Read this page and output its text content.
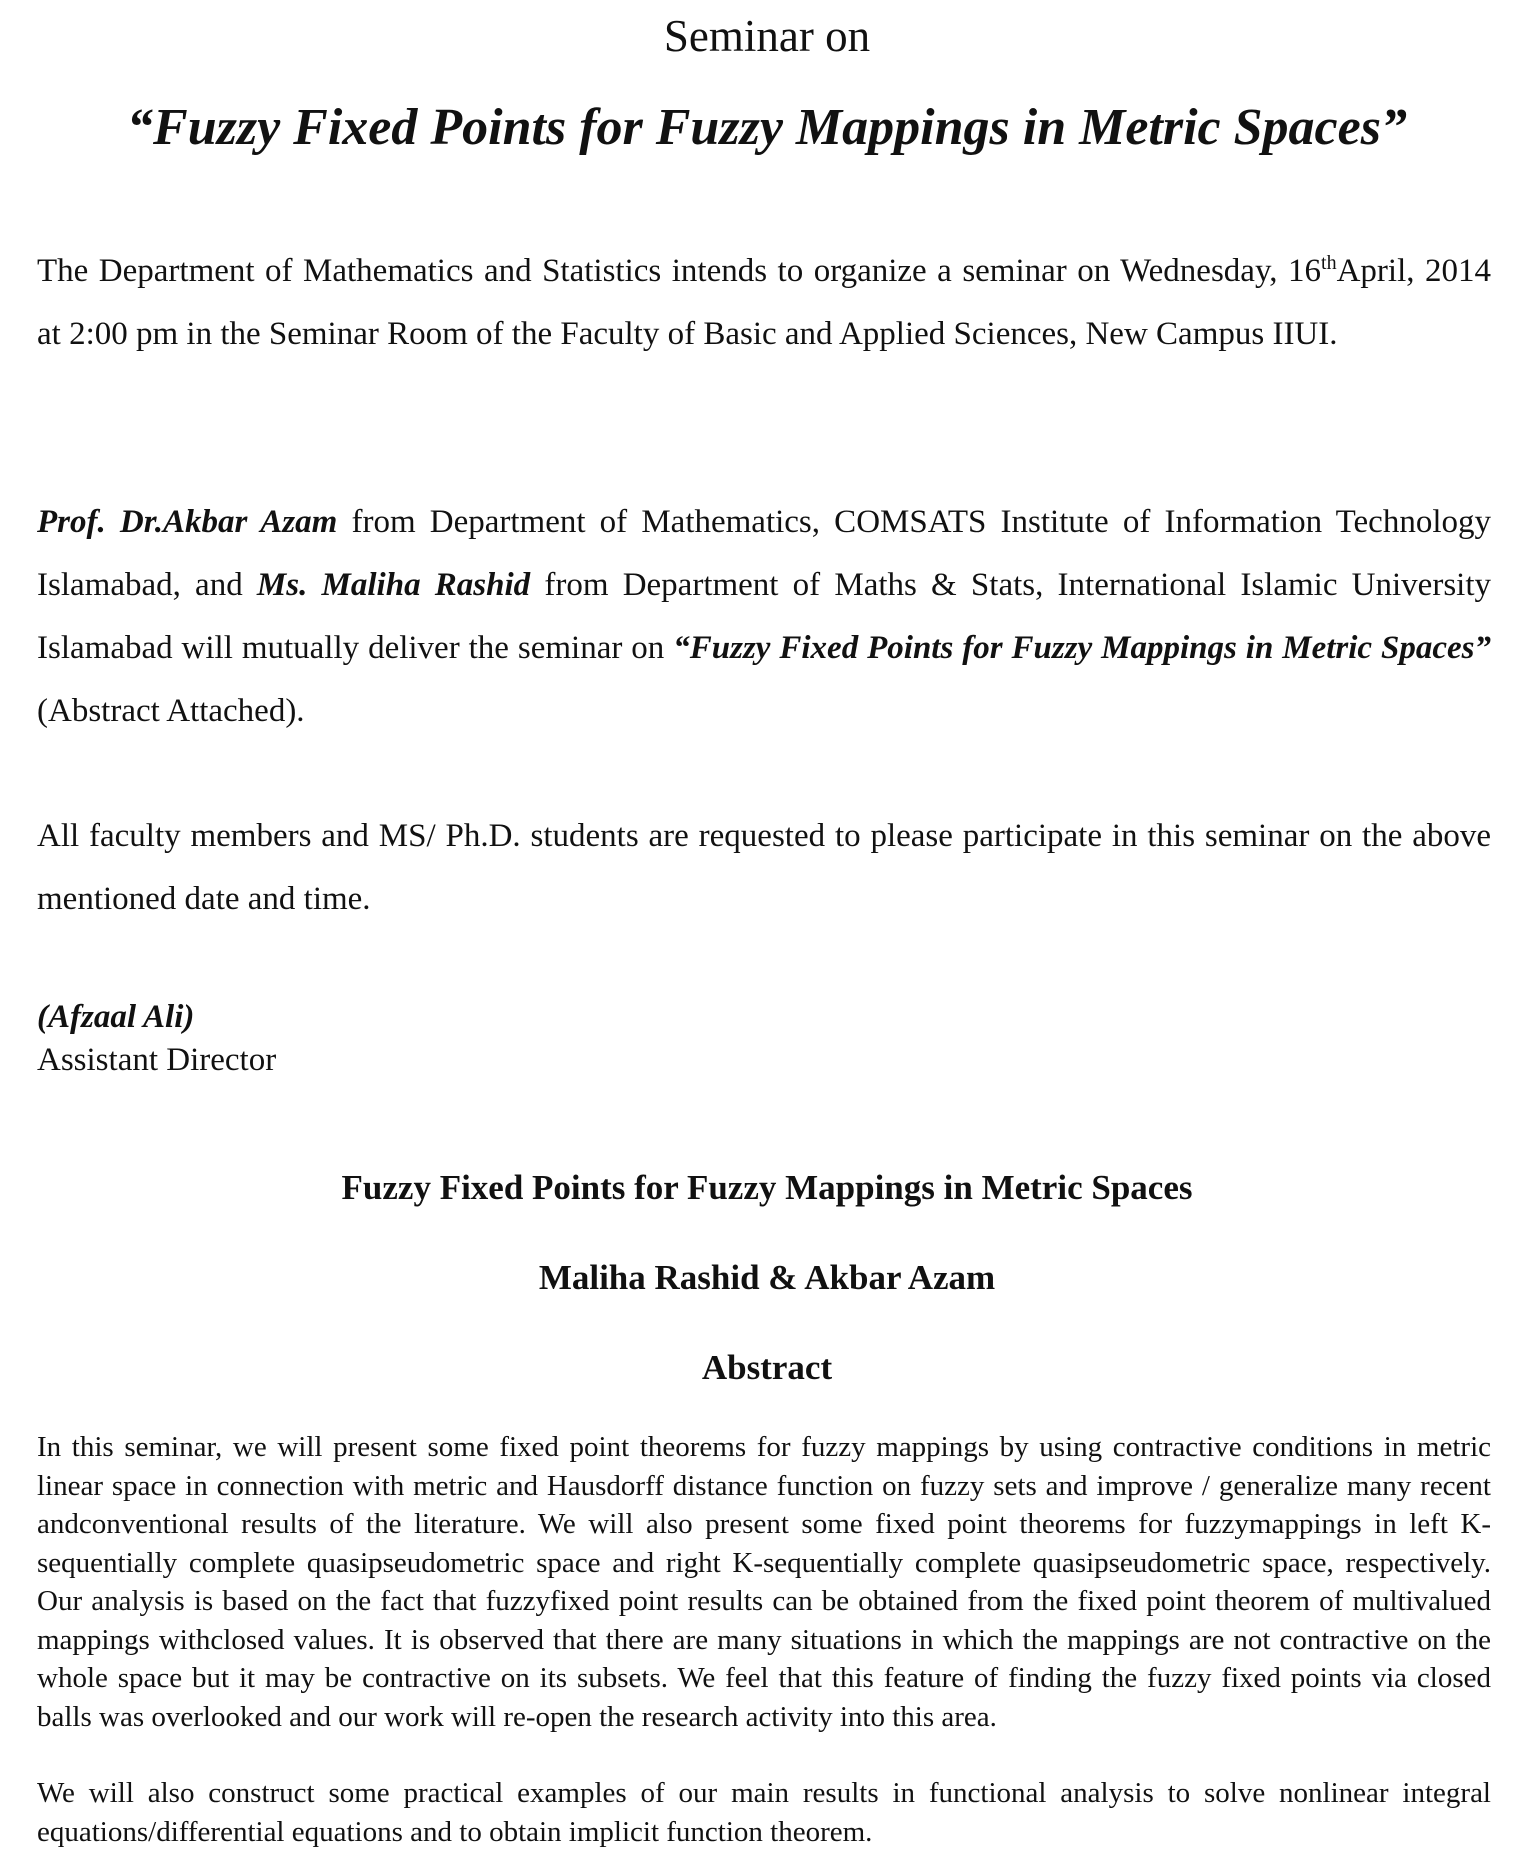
Seminar on

“Fuzzy Fixed Points for Fuzzy Mappings in Metric Spaces”

The Department of Mathematics and Statistics intends to organize a seminar on Wednesday, 16thApril, 2014 at 2:00 pm in the Seminar Room of the Faculty of Basic and Applied Sciences, New Campus IIUI.

Prof. Dr.Akbar Azam from Department of Mathematics, COMSATS Institute of Information Technology Islamabad, and Ms. Maliha Rashid from Department of Maths & Stats, International Islamic University Islamabad will mutually deliver the seminar on “Fuzzy Fixed Points for Fuzzy Mappings in Metric Spaces” (Abstract Attached).

All faculty members and MS/ Ph.D. students are requested to please participate in this seminar on the above mentioned date and time.

(Afzaal Ali)

Assistant Director

Fuzzy Fixed Points for Fuzzy Mappings in Metric Spaces

Maliha Rashid & Akbar Azam

Abstract

In this seminar, we will present some fixed point theorems for fuzzy mappings by using contractive conditions in metric linear space in connection with metric and Hausdorff distance function on fuzzy sets and improve / generalize many recent andconventional results of the literature. We will also present some fixed point theorems for fuzzymappings in left K-sequentially complete quasipseudometric space and right K-sequentially complete quasipseudometric space, respectively. Our analysis is based on the fact that fuzzyfixed point results can be obtained from the fixed point theorem of multivalued mappings withclosed values. It is observed that there are many situations in which the mappings are not contractive on the whole space but it may be contractive on its subsets. We feel that this feature of finding the fuzzy fixed points via closed balls was overlooked and our work will re-open the research activity into this area.

We will also construct some practical examples of our main results in functional analysis to solve nonlinear integral equations/differential equations and to obtain implicit function theorem.
